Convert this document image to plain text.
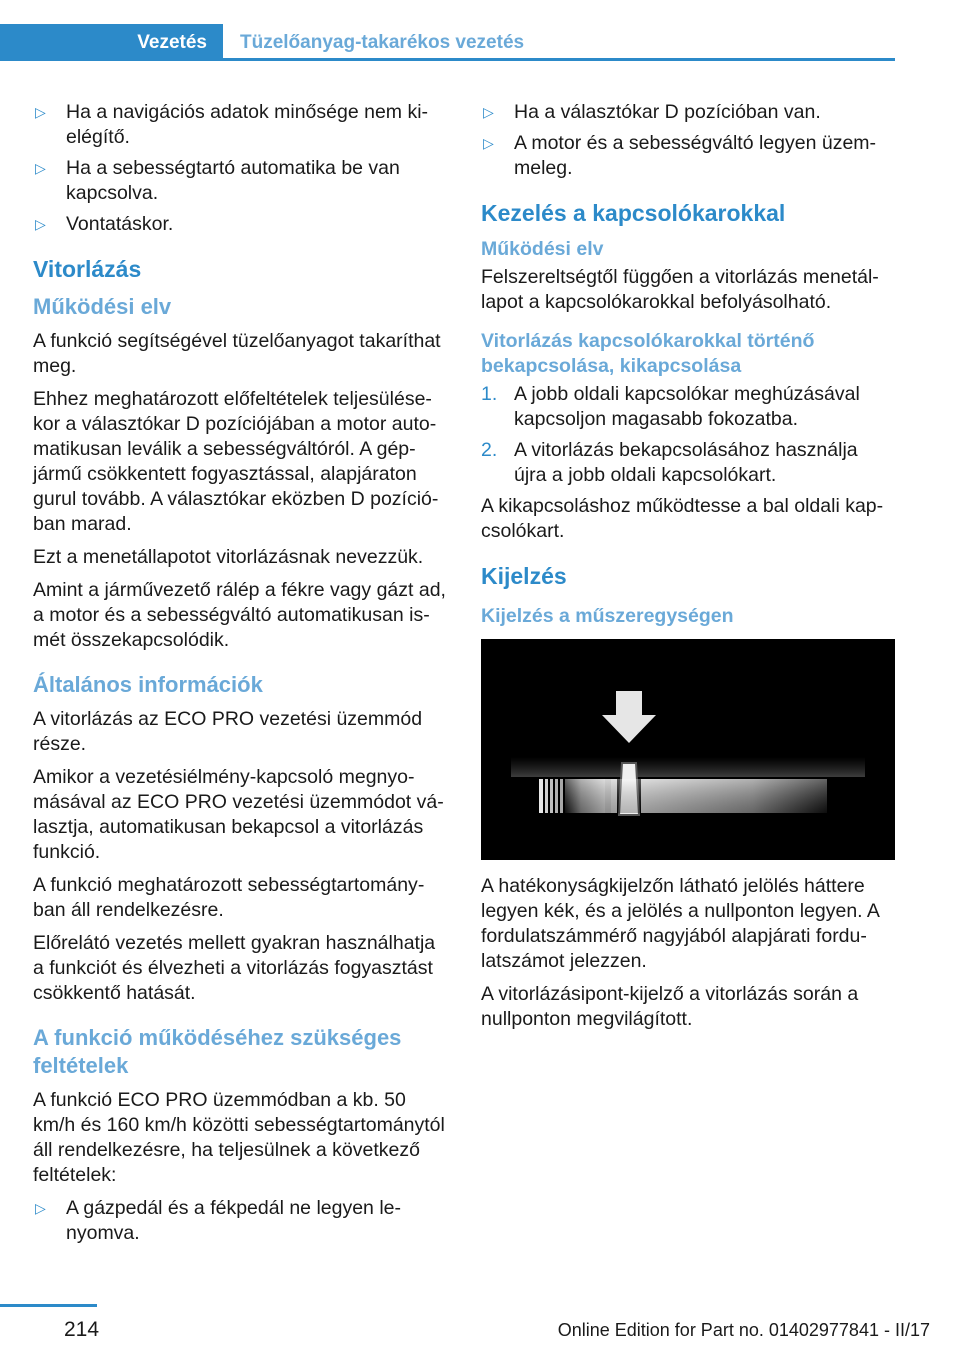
Vezetés	Tüzelőanyag-takarékos vezetés
▷ Ha a navigációs adatok minősége nem kielégítő.
▷ Ha a sebességtartó automatika be van kapcsolva.
▷ Vontatáskor.
Vitorlázás
Működési elv

A funkció segítségével tüzelőanyagot takaríthat meg.

Ehhez meghatározott előfeltételek teljesülésekor a választókar D pozíciójában a motor automatikusan leválik a sebességváltóról. A gépjármű csökkentett fogyasztással, alapjáraton gurul tovább. A választókar eközben D pozícióban marad.

Ezt a menetállapotot vitorlázásnak nevezzük.

Amint a járművezető rálép a fékre vagy gázt ad, a motor és a sebességváltó automatikusan ismét összekapcsolódik.

Általános információk

A vitorlázás az ECO PRO vezetési üzemmód része.

Amikor a vezetésiélmény-kapcsoló megnyomásával az ECO PRO vezetési üzemmódot választja, automatikusan bekapcsol a vitorlázás funkció.

A funkció meghatározott sebességtartományban áll rendelkezésre.

Előrelátó vezetés mellett gyakran használhatja a funkciót és élvezheti a vitorlázás fogyasztást csökkentő hatását.

A funkció működéséhez szükséges feltételek

A funkció ECO PRO üzemmódban a kb. 50 km/h és 160 km/h közötti sebességtartománytól áll rendelkezésre, ha teljesülnek a következő feltételek:

▷ A gázpedál és a fékpedál ne legyen lenyomva.
▷ Ha a választókar D pozícióban van.
▷ A motor és a sebességváltó legyen üzemmeleg.
Kezelés a kapcsolókarokkal
Működési elv

Felszereltségtől függően a vitorlázás menetállapot a kapcsolókarokkal befolyásolható.

Vitorlázás kapcsolókarokkal történő bekapcsolása, kikapcsolása
1. A jobb oldali kapcsolókar meghúzásával kapcsoljon magasabb fokozatba.
2. A vitorlázás bekapcsolásához használja újra a jobb oldali kapcsolókart.

A kikapcsoláshoz működtesse a bal oldali kapcsolókart.

Kijelzés
Kijelzés a műszeregységen

A hatékonyságkijelzőn látható jelölés háttere legyen kék, és a jelölés a nullponton legyen. A fordulatszámmérő nagyjából alapjárati fordulatszámot jelezzen.

A vitorlázásipont-kijelző a vitorlázás során a nullponton megvilágított.

214	Online Edition for Part no. 01402977841 - II/17
